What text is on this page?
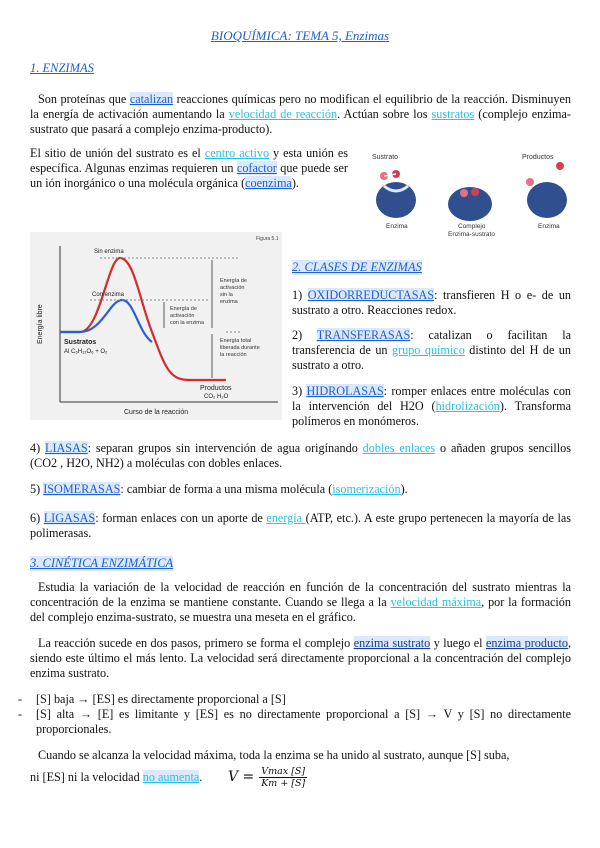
BIOQUÍMICA: TEMA 5, Enzimas
1. ENZIMAS

Son proteínas que catalizan reacciones químicas pero no modifican el equilibrio de la reacción. Disminuyen la energía de activación aumentando la velocidad de reacción. Actúan sobre los sustratos (complejo enzima-sustrato que pasará a complejo enzima-producto).

El sitio de unión del sustrato es el centro activo y esta unión es específica. Algunas enzimas requieren un cofactor que puede ser un ión inorgánico o una molécula orgánica (coenzima).

Sustrato	Productos
Enzima	Complejo
Enzima-sustrato
Enzima
Figura 5.1
Energía libre
Curso de la reacción
Sin enzima
Con enzima
Energía de activación sin la enzima
Energía de activación con la enzima
Energía total liberada durante la reacción
Sustratos
Al C₆H₁₂O₆ + O₂
Productos
CO₂ H₂O
2. CLASES DE ENZIMAS

1) OXIDORREDUCTASAS: transfieren H o e- de un sustrato a otro. Reacciones redox.

2) TRANSFERASAS: catalizan o facilitan la transferencia de un grupo químico distinto del H de un sustrato a otro.

3) HIDROLASAS: romper enlaces entre moléculas con la intervención del H2O (hidrolización). Transforma polímeros en monómeros.

4) LIASAS: separan grupos sin intervención de agua origínando dobles enlaces o añaden grupos sencillos (CO2 , H2O, NH2) a moléculas con dobles enlaces.

5) ISOMERASAS: cambiar de forma a una misma molécula (isomerización).

6) LIGASAS: forman enlaces con un aporte de energía (ATP, etc.). A este grupo pertenecen la mayoría de las polimerasas.

3. CINÉTICA ENZIMÁTICA

Estudia la variación de la velocidad de reacción en función de la concentración del sustrato mientras la concentración de la enzima se mantiene constante. Cuando se llega a la velocidad máxima, por la formación del complejo enzima-sustrato, se muestra una meseta en el gráfico.

La reacción sucede en dos pasos, primero se forma el complejo enzima sustrato y luego el enzima producto, siendo este último el más lento. La velocidad será directamente proporcional a la concentración del complejo enzima sustrato.

- [S] baja → [ES] es directamente proporcional a [S]
- [S] alta → [E] es limitante y [ES] es no directamente proporcional a [S] → V y [S] no directamente proporcionales.

Cuando se alcanza la velocidad máxima, toda la enzima se ha unido al sustrato, aunque [S] suba,

ni [ES] ni la velocidad no aumenta. V = Vmax [S]
Km + [S]
